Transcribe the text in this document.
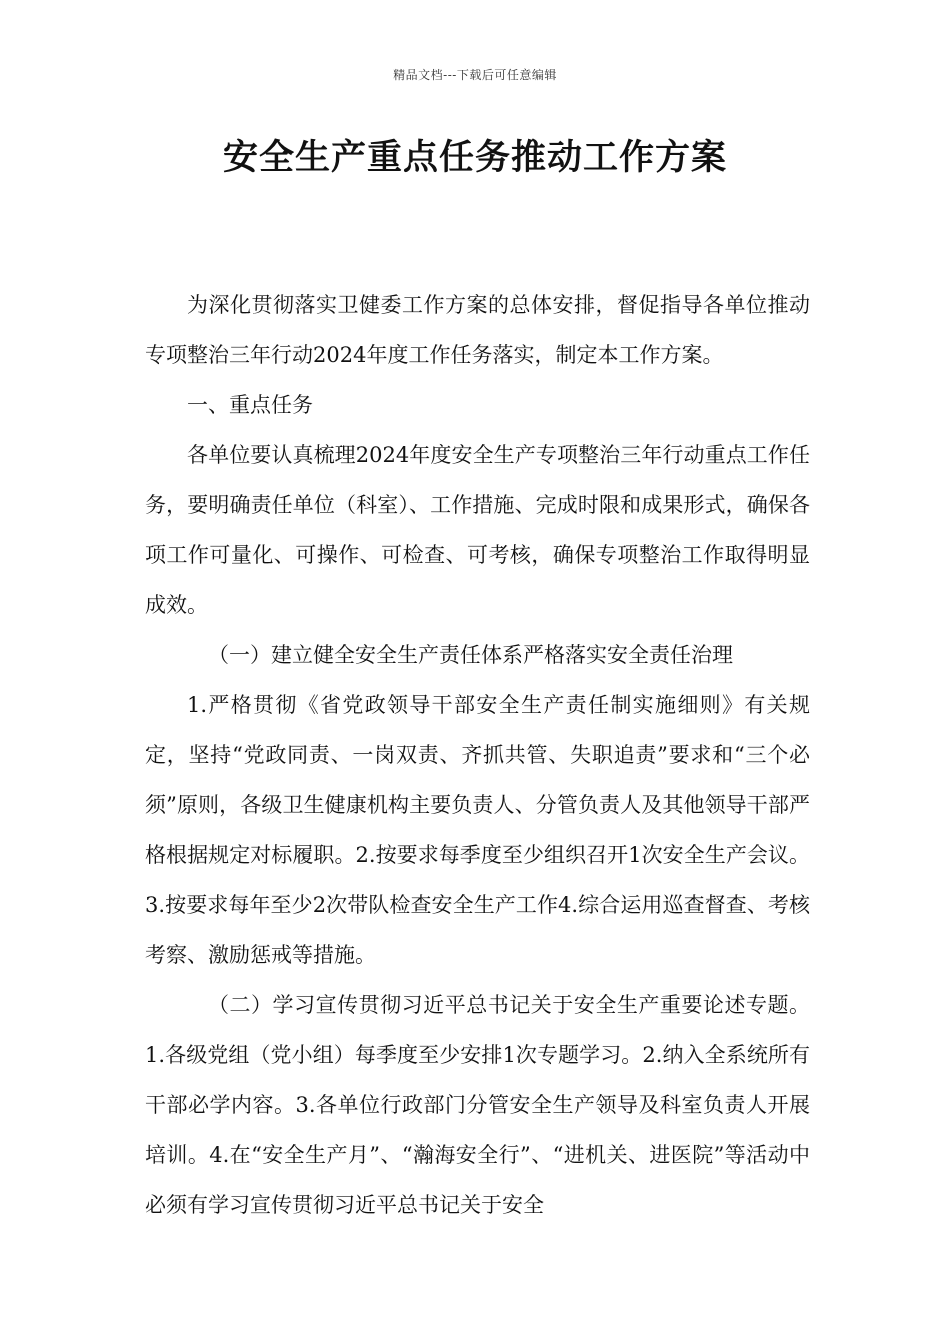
精品文档---下载后可任意编辑
安全生产重点任务推动工作方案

为深化贯彻落实卫健委工作方案的总体安排，督促指导各单位推动专项整治三年行动2024年度工作任务落实，制定本工作方案。

一、重点任务

各单位要认真梳理2024年度安全生产专项整治三年行动重点工作任务，要明确责任单位（科室）、工作措施、完成时限和成果形式，确保各项工作可量化、可操作、可检查、可考核，确保专项整治工作取得明显成效。

（一）建立健全安全生产责任体系严格落实安全责任治理

1.严格贯彻《省党政领导干部安全生产责任制实施细则》有关规定，坚持“党政同责、一岗双责、齐抓共管、失职追责”要求和“三个必须”原则，各级卫生健康机构主要负责人、分管负责人及其他领导干部严格根据规定对标履职。2.按要求每季度至少组织召开1次安全生产会议。3.按要求每年至少2次带队检查安全生产工作4.综合运用巡查督查、考核考察、激励惩戒等措施。

（二）学习宣传贯彻习近平总书记关于安全生产重要论述专题。1.各级党组（党小组）每季度至少安排1次专题学习。2.纳入全系统所有干部必学内容。3.各单位行政部门分管安全生产领导及科室负责人开展培训。4.在“安全生产月”、“瀚海安全行”、“进机关、进医院”等活动中必须有学习宣传贯彻习近平总书记关于安全
